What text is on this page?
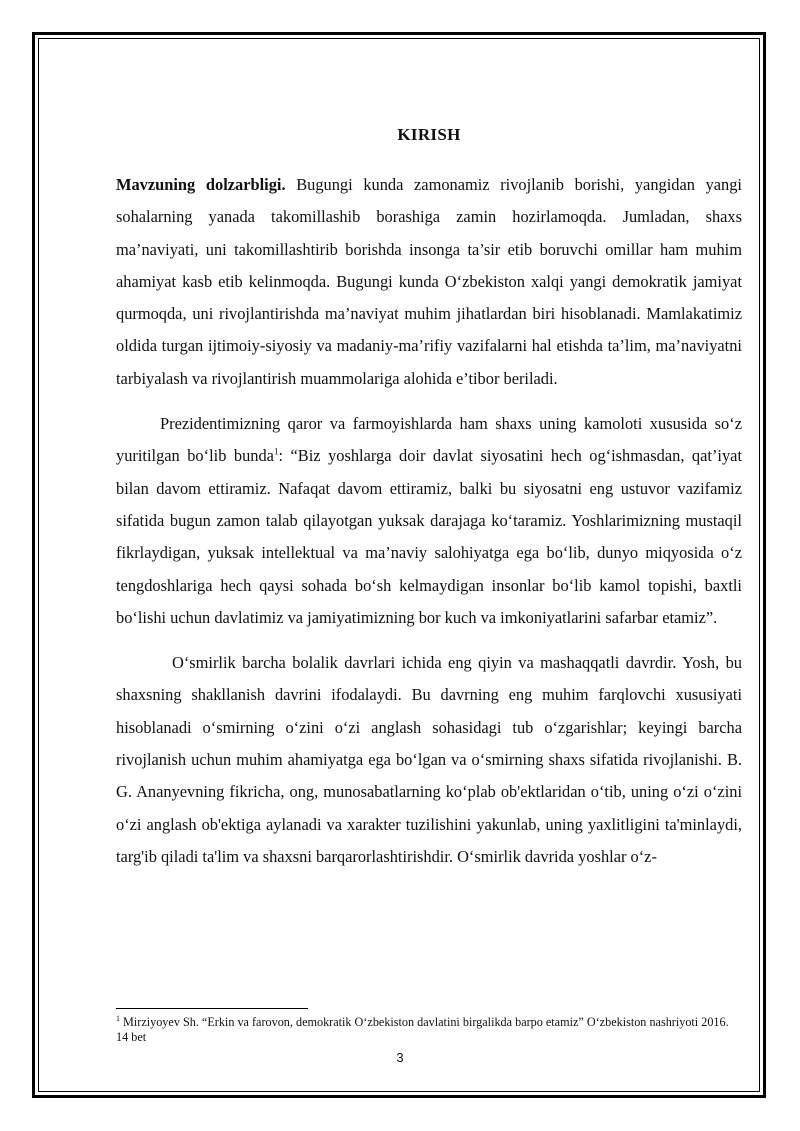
KIRISH

Mavzuning dolzarbligi. Bugungi kunda zamonamiz rivojlanib borishi, yangidan yangi sohalarning yanada takomillashib borashiga zamin hozirlamoqda. Jumladan, shaxs ma’naviyati, uni takomillashtirib borishda insonga ta’sir etib boruvchi omillar ham muhim ahamiyat kasb etib kelinmoqda. Bugungi kunda O‘zbekiston xalqi yangi demokratik jamiyat qurmoqda, uni rivojlantirishda ma’naviyat muhim jihatlardan biri hisoblanadi. Mamlakatimiz oldida turgan ijtimoiy-siyosiy va madaniy-ma’rifiy vazifalarni hal etishda ta’lim, ma’naviyatni tarbiyalash va rivojlantirish muammolariga alohida e’tibor beriladi.

Prezidentimizning qaror va farmoyishlarda ham shaxs uning kamoloti xususida so‘z yuritilgan bo‘lib bunda$^1$: “Biz yoshlarga doir davlat siyosatini hech og‘ishmasdan, qat’iyat bilan davom ettiramiz. Nafaqat davom ettiramiz, balki bu siyosatni eng ustuvor vazifamiz sifatida bugun zamon talab qilayotgan yuksak darajaga ko‘taramiz. Yoshlarimizning mustaqil fikrlaydigan, yuksak intellektual va ma’naviy salohiyatga ega bo‘lib, dunyo miqyosida o‘z tengdoshlariga hech qaysi sohada bo‘sh kelmaydigan insonlar bo‘lib kamol topishi, baxtli bo‘lishi uchun davlatimiz va jamiyatimizning bor kuch va imkoniyatlarini safarbar etamiz”.

O‘smirlik barcha bolalik davrlari ichida eng qiyin va mashaqqatli davrdir. Yosh, bu shaxsning shakllanish davrini ifodalaydi. Bu davrning eng muhim farqlovchi xususiyati hisoblanadi o‘smirning o‘zini o‘zi anglash sohasidagi tub o‘zgarishlar; keyingi barcha rivojlanish uchun muhim ahamiyatga ega bo‘lgan va o‘smirning shaxs sifatida rivojlanishi. B. G. Ananyevning fikricha, ong, munosabatlarning ko‘plab ob'ektlaridan o‘tib, uning o‘zi o‘zini o‘zi anglash ob'ektiga aylanadi va xarakter tuzilishini yakunlab, uning yaxlitligini ta'minlaydi, targ'ib qiladi ta'lim va shaxsni barqarorlashtirishdir. O‘smirlik davrida yoshlar o‘z-

$^1$ Mirziyoyev Sh. “Erkin va farovon, demokratik O‘zbekiston davlatini birgalikda barpo etamiz” O‘zbekiston nashriyoti 2016. 14 bet

3
